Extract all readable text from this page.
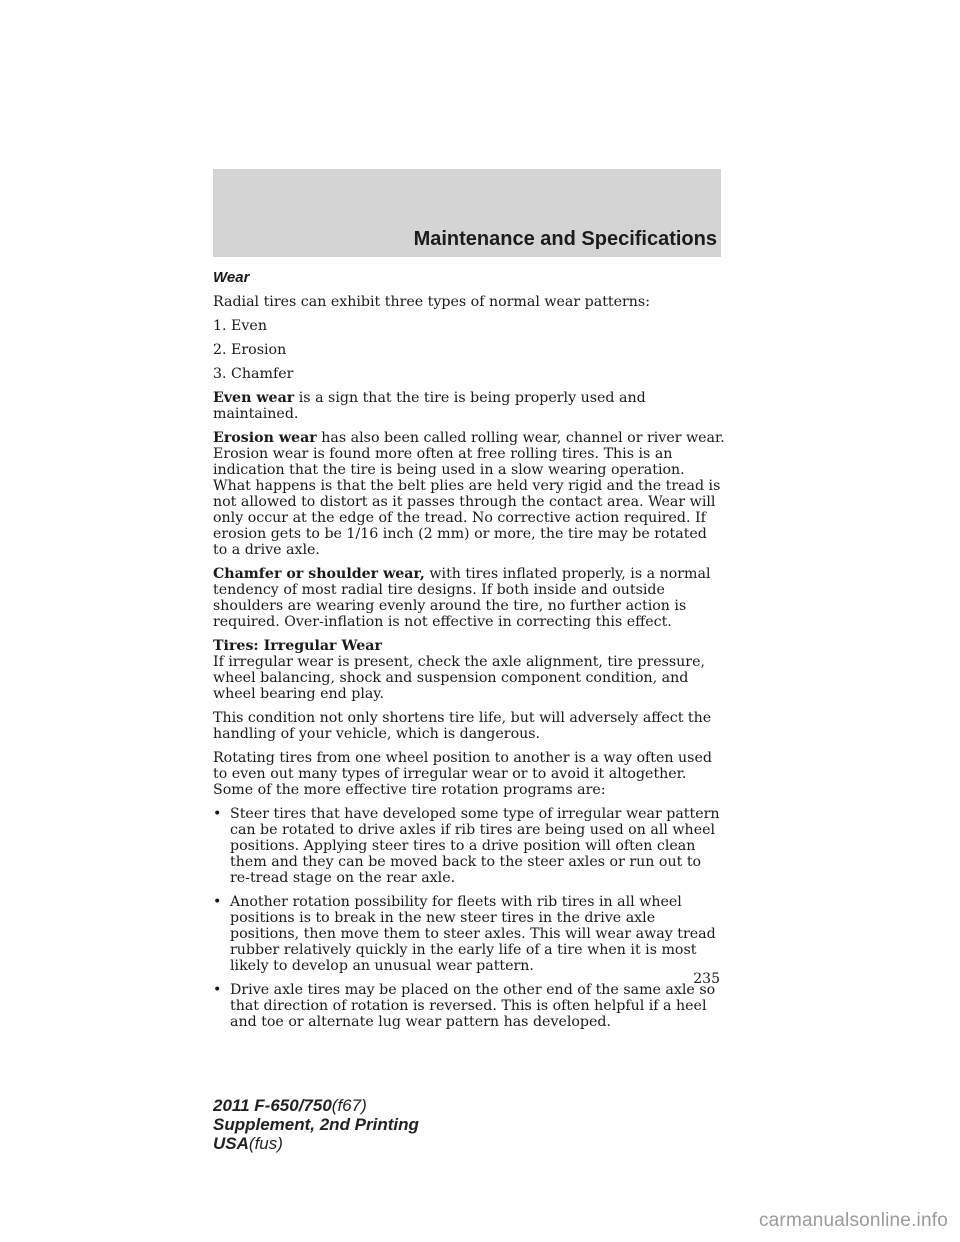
Maintenance and Specifications
Wear

Radial tires can exhibit three types of normal wear patterns:

1. Even

2. Erosion

3. Chamfer

Even wear is a sign that the tire is being properly used and maintained.

Erosion wear has also been called rolling wear, channel or river wear. Erosion wear is found more often at free rolling tires. This is an indication that the tire is being used in a slow wearing operation. What happens is that the belt plies are held very rigid and the tread is not allowed to distort as it passes through the contact area. Wear will only occur at the edge of the tread. No corrective action required. If erosion gets to be 1/16 inch (2 mm) or more, the tire may be rotated to a drive axle.

Chamfer or shoulder wear, with tires inflated properly, is a normal tendency of most radial tire designs. If both inside and outside shoulders are wearing evenly around the tire, no further action is required. Over-inflation is not effective in correcting this effect.

Tires: Irregular Wear

If irregular wear is present, check the axle alignment, tire pressure, wheel balancing, shock and suspension component condition, and wheel bearing end play.

This condition not only shortens tire life, but will adversely affect the handling of your vehicle, which is dangerous.

Rotating tires from one wheel position to another is a way often used to even out many types of irregular wear or to avoid it altogether. Some of the more effective tire rotation programs are:

• Steer tires that have developed some type of irregular wear pattern can be rotated to drive axles if rib tires are being used on all wheel positions. Applying steer tires to a drive position will often clean them and they can be moved back to the steer axles or run out to re-tread stage on the rear axle.
• Another rotation possibility for fleets with rib tires in all wheel positions is to break in the new steer tires in the drive axle positions, then move them to steer axles. This will wear away tread rubber relatively quickly in the early life of a tire when it is most likely to develop an unusual wear pattern.
• Drive axle tires may be placed on the other end of the same axle so that direction of rotation is reversed. This is often helpful if a heel and toe or alternate lug wear pattern has developed.
235
2011 F-650/750(f67)
Supplement, 2nd Printing
USA(fus)
carmanualsonline.info
